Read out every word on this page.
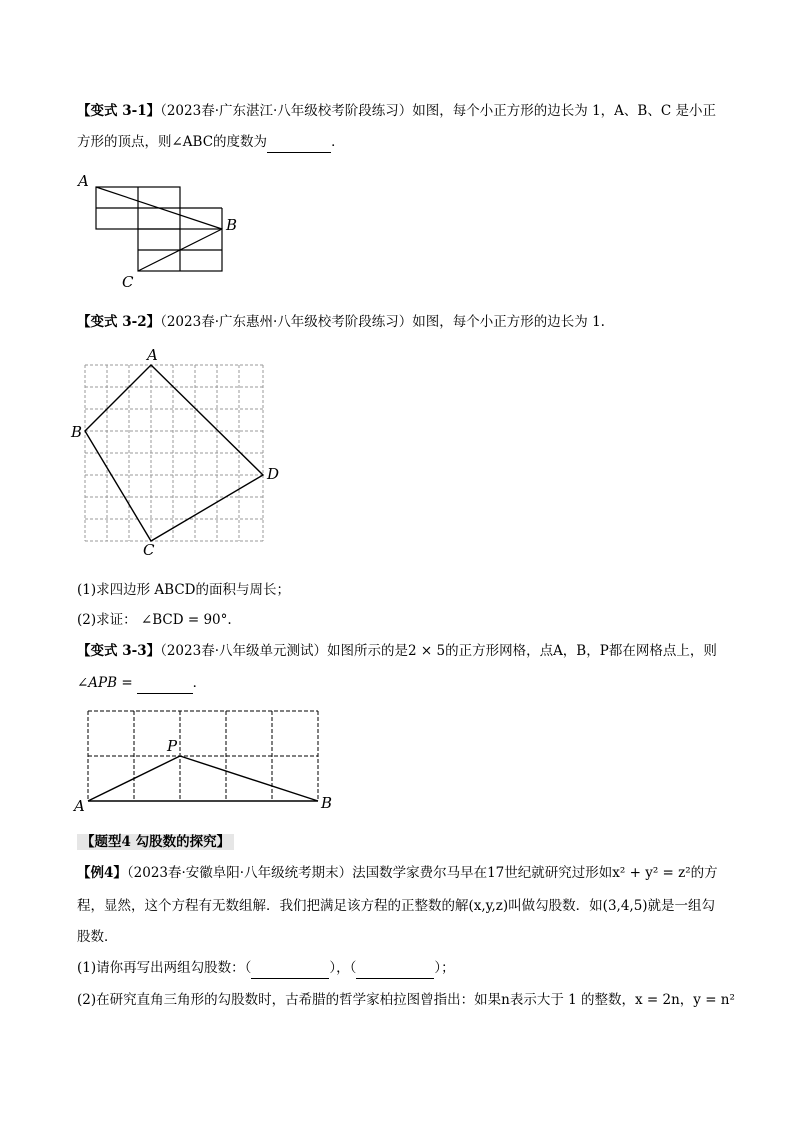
【变式 3-1】（2023春·广东湛江·八年级校考阶段练习）如图，每个小正方形的边长为 1，A、B、C 是小正
方形的顶点，则∠ABC的度数为	．
A
B
C
【变式 3-2】（2023春·广东惠州·八年级校考阶段练习）如图，每个小正方形的边长为 1.
A
B
C
D
(1)求四边形 ABCD的面积与周长；
(2)求证： ∠BCD = 90°.
【变式 3-3】（2023春·八年级单元测试）如图所示的是2 × 5的正方形网格，点A，B，P都在网格点上，则
∠APB =	．
P
A	B
【题型4 勾股数的探究】
【例4】（2023春·安徽阜阳·八年级统考期末）法国数学家费尔马早在17世纪就研究过形如x² + y² = z²的方
程，显然，这个方程有无数组解．我们把满足该方程的正整数的解(x,y,z)叫做勾股数．如(3,4,5)就是一组勾
股数．
(1)请你再写出两组勾股数：（	），（	）；
(2)在研究直角三角形的勾股数时，古希腊的哲学家柏拉图曾指出：如果n表示大于 1 的整数，x = 2n，y = n²
